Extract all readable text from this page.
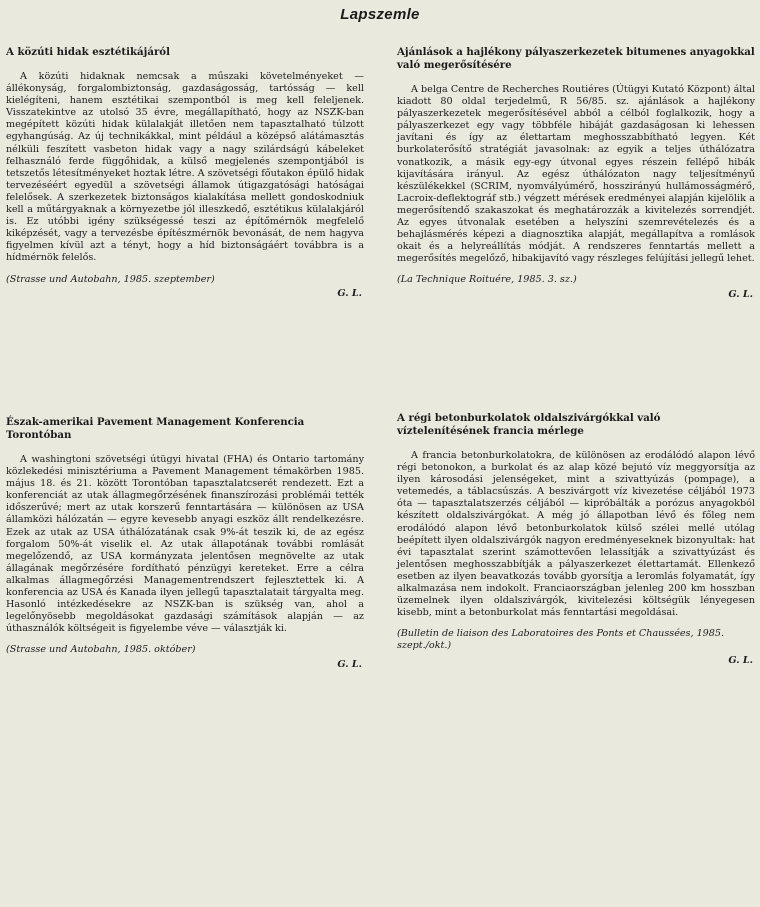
Lapszemle
A közúti hidak esztétikájáról

A közúti hidaknak nemcsak a műszaki követelményeket — állékonyság, forgalombiztonság, gazdaságosság, tartósság — kell kielégíteni, hanem esztétikai szempontból is meg kell feleljenek. Visszatekintve az utolsó 35 évre, megállapítható, hogy az NSZK-ban megépített közúti hidak külalakját illetően nem tapasztalható túlzott egyhangúság. Az új technikákkal, mint például a középső alátámasztás nélküli feszített vasbeton hidak vagy a nagy szilárdságú kábeleket felhasználó ferde függőhidak, a külső megjelenés szempontjából is tetszetős létesítményeket hoztak létre. A szövetségi főutakon épülő hidak tervezéséért egyedül a szövetségi államok útigazgatósági hatóságai felelősek. A szerkezetek biztonságos kialakítása mellett gondoskodniuk kell a műtárgyaknak a környezetbe jól illeszkedő, esztétikus külalakjáról is. Ez utóbbi igény szükségessé teszi az építőmérnök megfelelő kiképzését, vagy a tervezésbe építészmérnök bevonását, de nem hagyva figyelmen kívül azt a tényt, hogy a híd biztonságáért továbbra is a hídmérnök felelős.

(Strasse und Autobahn, 1985. szeptember)
G. L.
Ajánlások a hajlékony pályaszerkezetek bitumenes anyagokkal való megerősítésére

A belga Centre de Recherches Routiéres (Útügyi Kutató Központ) által kiadott 80 oldal terjedelmű, R 56/85. sz. ajánlások a hajlékony pályaszerkezetek megerősítésével abból a célból foglalkozik, hogy a pályaszerkezet egy vagy többféle hibáját gazdaságosan ki lehessen javítani és így az élettartam meghosszabbítható legyen. Két burkolaterősítő stratégiát javasolnak: az egyik a teljes úthálózatra vonatkozik, a másik egy-egy útvonal egyes részein fellépő hibák kijavítására irányul. Az egész úthálózaton nagy teljesítményű készülékekkel (SCRIM, nyomvályúmérő, hosszirányú hullámosságmérő, Lacroix-deflektográf stb.) végzett mérések eredményei alapján kijelölik a megerősítendő szakaszokat és meghatározzák a kivitelezés sorrendjét. Az egyes útvonalak esetében a helyszíni szemrevételezés és a behajlásmérés képezi a diagnosztika alapját, megállapítva a romlások okait és a helyreállítás módját. A rendszeres fenntartás mellett a megerősítés megelőző, hibakijavító vagy részleges felújítási jellegű lehet.

(La Technique Roituére, 1985. 3. sz.)
G. L.
Észak-amerikai Pavement Management Konferencia Torontóban

A washingtoni szövetségi útügyi hivatal (FHA) és Ontario tartomány közlekedési minisztériuma a Pavement Management témakörben 1985. május 18. és 21. között Torontóban tapasztalatcserét rendezett. Ezt a konferenciát az utak állagmegőrzésének finanszírozási problémái tették időszerűvé; mert az utak korszerű fenntartására — különösen az USA államközi hálózatán — egyre kevesebb anyagi eszköz állt rendelkezésre. Ezek az utak az USA úthálózatának csak 9%-át teszik ki, de az egész forgalom 50%-át viselik el. Az utak állapotának további romlását megelőzendő, az USA kormányzata jelentősen megnövelte az utak állagának megőrzésére fordítható pénzügyi kereteket. Erre a célra alkalmas állagmegőrzési Managementrendszert fejlesztettek ki. A konferencia az USA és Kanada ilyen jellegű tapasztalatait tárgyalta meg. Hasonló intézkedésekre az NSZK-ban is szükség van, ahol a legelőnyösebb megoldásokat gazdasági számítások alapján — az úthasználók költségeit is figyelembe véve — választják ki.

(Strasse und Autobahn, 1985. október)
G. L.
A régi betonburkolatok oldalszivárgókkal való víztelenítésének francia mérlege

A francia betonburkolatokra, de különösen az erodálódó alapon lévő régi betonokon, a burkolat és az alap közé bejutó víz meggyorsítja az ilyen károsodási jelenségeket, mint a szivattyúzás (pompage), a vetemedés, a táblacsúszás. A beszivárgott víz kivezetése céljából 1973 óta — tapasztalatszerzés céljából — kipróbálták a porózus anyagokból készített oldalszivárgókat. A még jó állapotban lévő és főleg nem erodálódó alapon lévő betonburkolatok külső szélei mellé utólag beépített ilyen oldalszivárgók nagyon eredményeseknek bizonyultak: hat évi tapasztalat szerint számottevően lelassítják a szivattyúzást és jelentősen meghosszabbítják a pályaszerkezet élettartamát. Ellenkező esetben az ilyen beavatkozás tovább gyorsítja a leromlás folyamatát, így alkalmazása nem indokolt. Franciaországban jelenleg 200 km hosszban üzemelnek ilyen oldalszivárgók, kivitelezési költségük lényegesen kisebb, mint a betonburkolat más fenntartási megoldásai.

(Bulletin de liaison des Laboratoires des Ponts et Chaussées, 1985. szept./okt.)
G. L.
